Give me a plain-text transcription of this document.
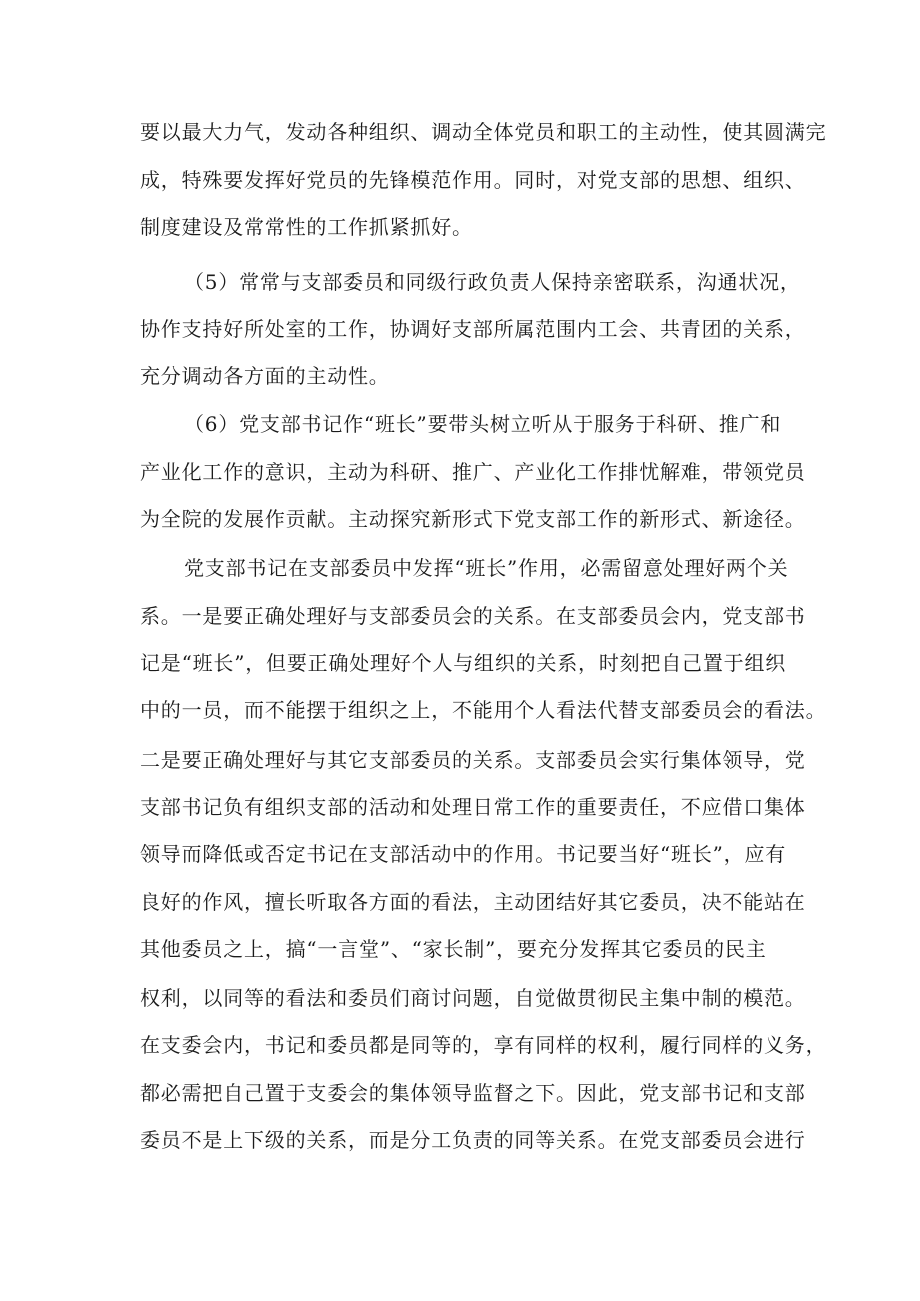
要以最大力气，发动各种组织、调动全体党员和职工的主动性，使其圆满完
成，特殊要发挥好党员的先锋模范作用。同时，对党支部的思想、组织、
制度建设及常常性的工作抓紧抓好。
（5）常常与支部委员和同级行政负责人保持亲密联系，沟通状况，
协作支持好所处室的工作，协调好支部所属范围内工会、共青团的关系，
充分调动各方面的主动性。
（6）党支部书记作“班长”要带头树立听从于服务于科研、推广和
产业化工作的意识，主动为科研、推广、产业化工作排忧解难，带领党员
为全院的发展作贡献。主动探究新形式下党支部工作的新形式、新途径。
党支部书记在支部委员中发挥“班长”作用，必需留意处理好两个关
系。一是要正确处理好与支部委员会的关系。在支部委员会内，党支部书
记是“班长”，但要正确处理好个人与组织的关系，时刻把自己置于组织
中的一员，而不能摆于组织之上，不能用个人看法代替支部委员会的看法。
二是要正确处理好与其它支部委员的关系。支部委员会实行集体领导，党
支部书记负有组织支部的活动和处理日常工作的重要责任，不应借口集体
领导而降低或否定书记在支部活动中的作用。书记要当好“班长”，应有
良好的作风，擅长听取各方面的看法，主动团结好其它委员，决不能站在
其他委员之上，搞“一言堂”、“家长制”，要充分发挥其它委员的民主
权利，以同等的看法和委员们商讨问题，自觉做贯彻民主集中制的模范。
在支委会内，书记和委员都是同等的，享有同样的权利，履行同样的义务，
都必需把自己置于支委会的集体领导监督之下。因此，党支部书记和支部
委员不是上下级的关系，而是分工负责的同等关系。在党支部委员会进行
